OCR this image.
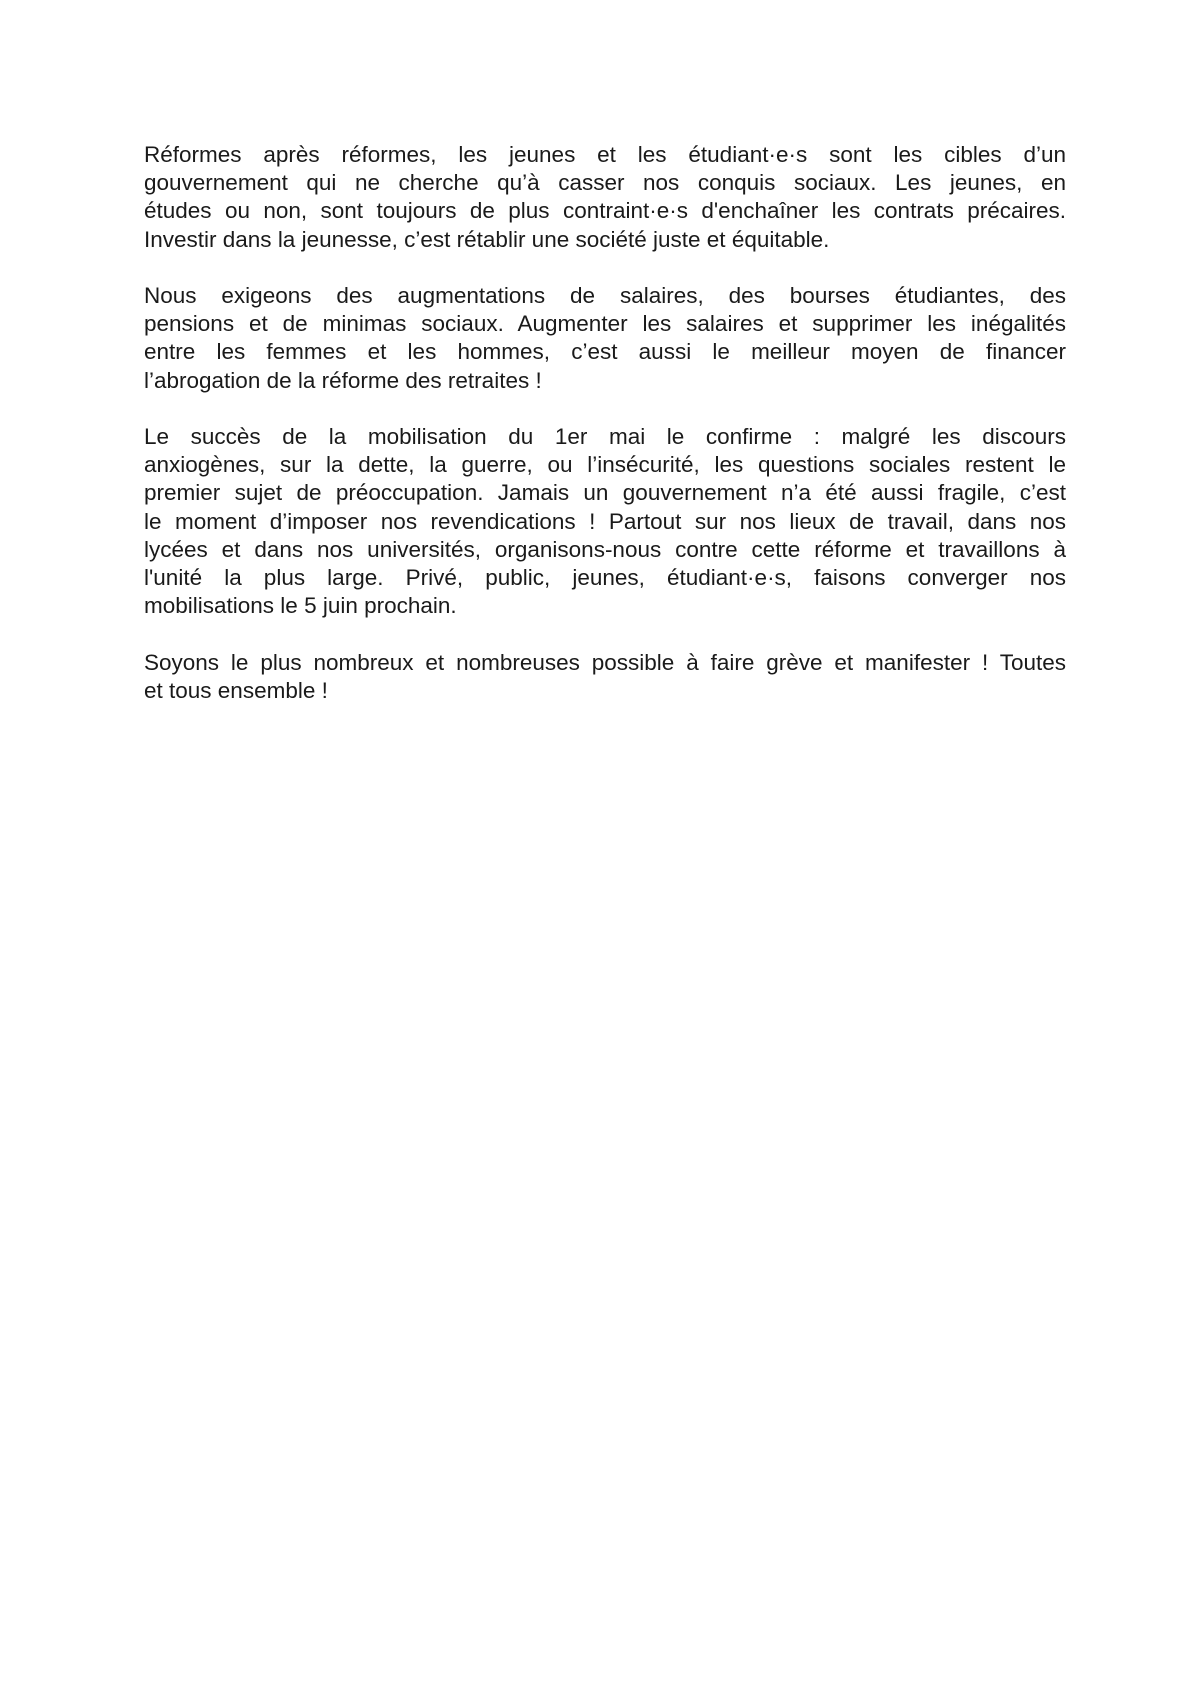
Réformes après réformes, les jeunes et les étudiant·e·s sont les cibles d’un
gouvernement qui ne cherche qu’à casser nos conquis sociaux. Les jeunes, en
études ou non, sont toujours de plus contraint·e·s d'enchaîner les contrats précaires.
Investir dans la jeunesse, c’est rétablir une société juste et équitable.

Nous exigeons des augmentations de salaires, des bourses étudiantes, des
pensions et de minimas sociaux. Augmenter les salaires et supprimer les inégalités
entre les femmes et les hommes, c’est aussi le meilleur moyen de financer
l’abrogation de la réforme des retraites !

Le succès de la mobilisation du 1er mai le confirme : malgré les discours
anxiogènes, sur la dette, la guerre, ou l’insécurité, les questions sociales restent le
premier sujet de préoccupation. Jamais un gouvernement n’a été aussi fragile, c’est
le moment d’imposer nos revendications ! Partout sur nos lieux de travail, dans nos
lycées et dans nos universités, organisons-nous contre cette réforme et travaillons à
l'unité la plus large. Privé, public, jeunes, étudiant·e·s, faisons converger nos
mobilisations le 5 juin prochain.

Soyons le plus nombreux et nombreuses possible à faire grève et manifester ! Toutes
et tous ensemble !
